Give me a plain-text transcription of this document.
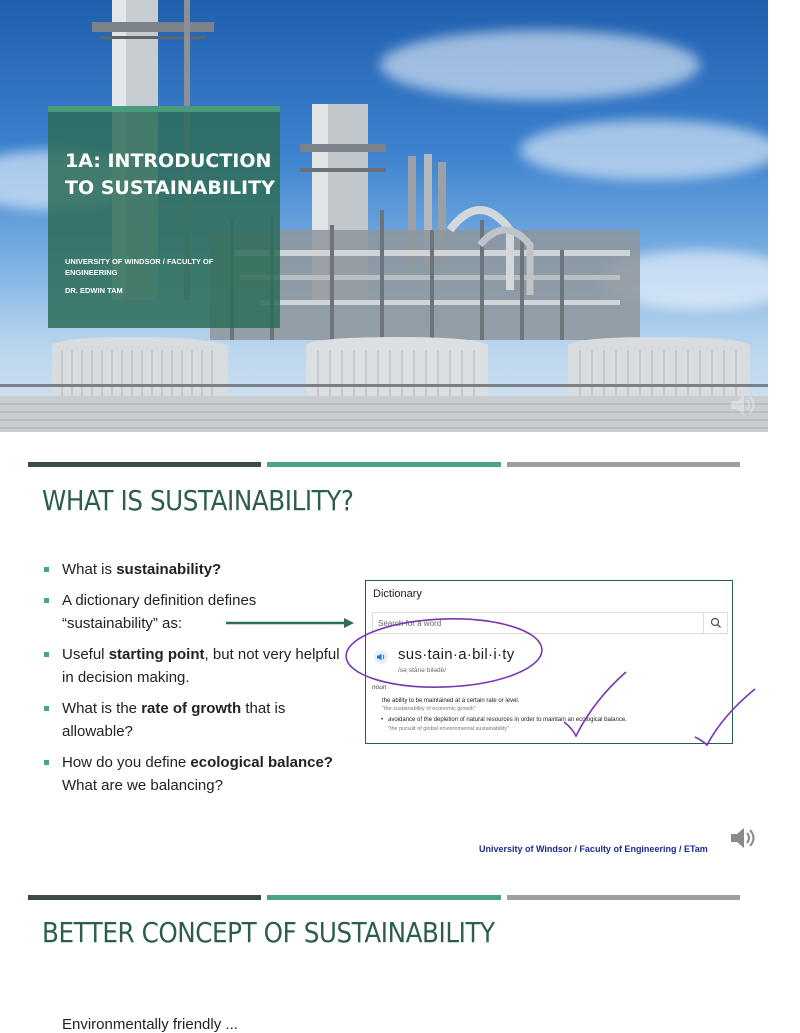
1A: INTRODUCTION TO SUSTAINABILITY
UNIVERSITY OF WINDSOR / FACULTY OF ENGINEERING
DR. EDWIN TAM
WHAT IS SUSTAINABILITY?
What is sustainability?
A dictionary definition defines “sustainability” as:
Useful starting point, but not very helpful in decision making.
What is the rate of growth that is allowable?
How do you define ecological balance? What are we balancing?
Dictionary
Search for a word
sus·tain·a·bil·i·ty
/səˌstānəˈbilədē/
noun
the ability to be maintained at a certain rate or level.
"the sustainability of economic growth"
• avoidance of the depletion of natural resources in order to maintain an ecological balance.
"the pursuit of global environmental sustainability"
University of Windsor / Faculty of Engineering / ETam
BETTER CONCEPT OF SUSTAINABILITY
Environmentally friendly ...
